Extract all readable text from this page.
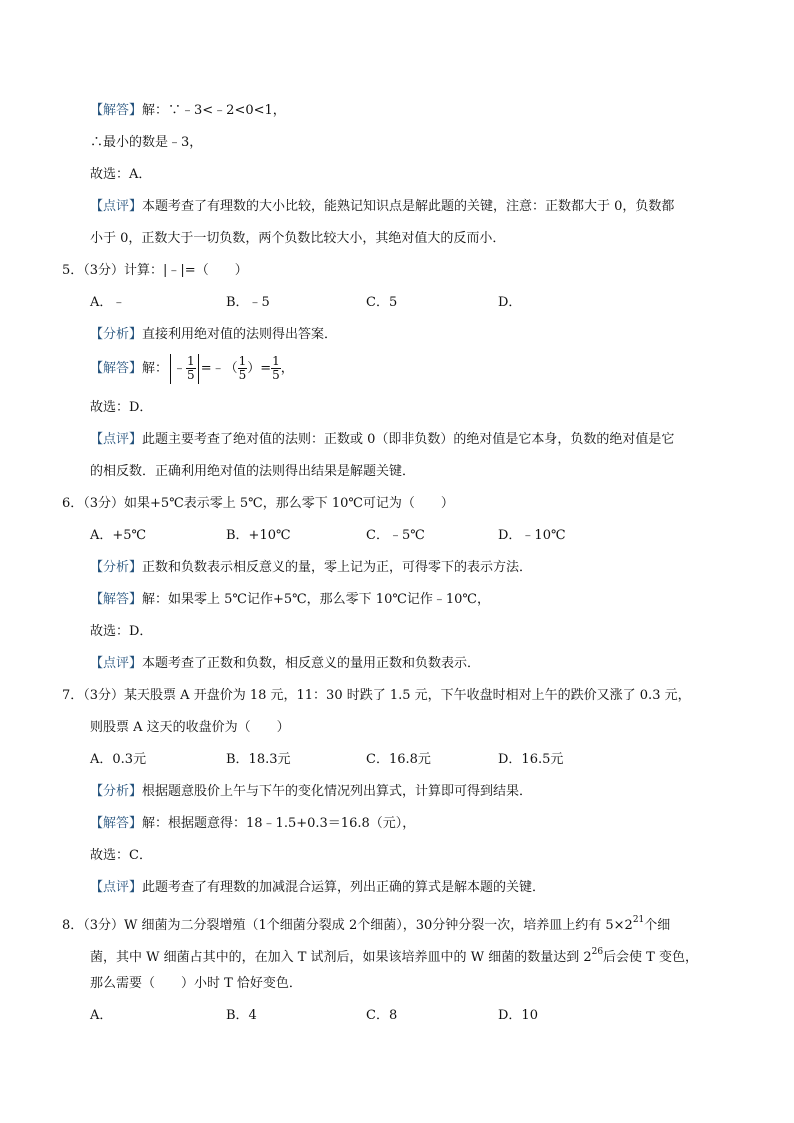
【解答】解：∵﹣3<﹣2<0<1，
∴最小的数是﹣3，
故选：A．
【点评】本题考查了有理数的大小比较，能熟记知识点是解此题的关键，注意：正数都大于 0，负数都
小于 0，正数大于一切负数，两个负数比较大小，其绝对值大的反而小．
5．（3分）计算：|﹣|=（　　）
A．﹣	B．﹣5	C．5	D．
【分析】直接利用绝对值的法则得出答案．
【解答】解： ﹣ $\frac{1}{5}$ =﹣（ $\frac{1}{5}$ ）= $\frac{1}{5}$ ，
故选：D．
【点评】此题主要考查了绝对值的法则：正数或 0（即非负数）的绝对值是它本身，负数的绝对值是它
的相反数．正确利用绝对值的法则得出结果是解题关键．
6．（3分）如果+5℃表示零上 5℃，那么零下 10℃可记为（　　）
A．+5℃	B．+10℃	C．﹣5℃	D．﹣10℃
【分析】正数和负数表示相反意义的量，零上记为正，可得零下的表示方法．
【解答】解：如果零上 5℃记作+5℃，那么零下 10℃记作﹣10℃，
故选：D．
【点评】本题考查了正数和负数，相反意义的量用正数和负数表示．
7．（3分）某天股票 A 开盘价为 18 元，11：30 时跌了 1.5 元，下午收盘时相对上午的跌价又涨了 0.3 元，
则股票 A 这天的收盘价为（　　）
A．0.3元	B．18.3元	C．16.8元	D．16.5元
【分析】根据题意股价上午与下午的变化情况列出算式，计算即可得到结果．
【解答】解：根据题意得：18﹣1.5+0.3＝16.8（元），
故选：C．
【点评】此题考查了有理数的加减混合运算，列出正确的算式是解本题的关键．
8．（3分）W 细菌为二分裂增殖（1个细菌分裂成 2个细菌），30分钟分裂一次，培养皿上约有 $5\times 2^{21}$个细
菌，其中 W 细菌占其中的，在加入 T 试剂后，如果该培养皿中的 W 细菌的数量达到 $2^{26}$后会使 T 变色，
那么需要（　　）小时 T 恰好变色．
A．	B．4	C．8	D．10
